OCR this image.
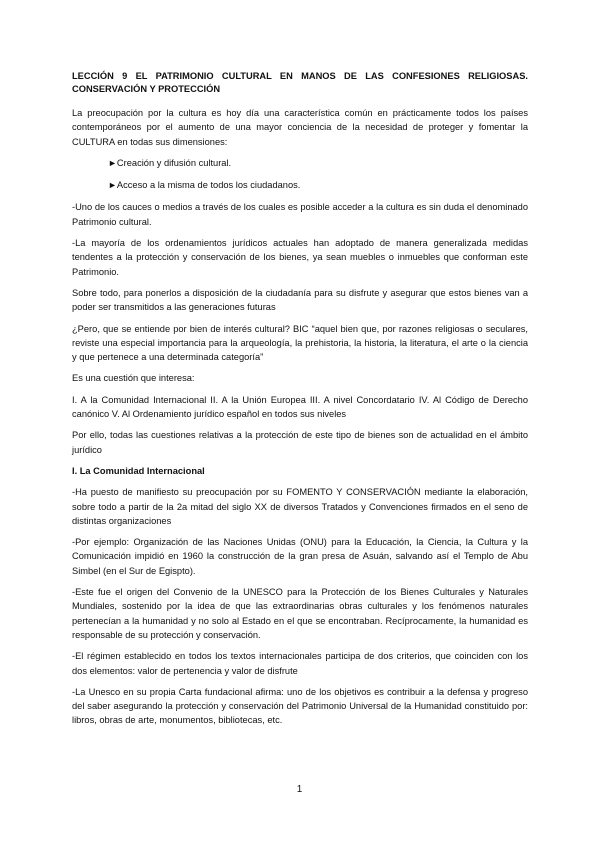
LECCIÓN 9 EL PATRIMONIO CULTURAL EN MANOS DE LAS CONFESIONES RELIGIOSAS. CONSERVACIÓN Y PROTECCIÓN

La preocupación por la cultura es hoy día una característica común en prácticamente todos los países contemporáneos por el aumento de una mayor conciencia de la necesidad de proteger y fomentar la CULTURA en todas sus dimensiones:

►Creación y difusión cultural.
►Acceso a la misma de todos los ciudadanos.

-Uno de los cauces o medios a través de los cuales es posible acceder a la cultura es sin duda el denominado Patrimonio cultural.

-La mayoría de los ordenamientos jurídicos actuales han adoptado de manera generalizada medidas tendentes a la protección y conservación de los bienes, ya sean muebles o inmuebles que conforman este Patrimonio.

Sobre todo, para ponerlos a disposición de la ciudadanía para su disfrute y asegurar que estos bienes van a poder ser transmitidos a las generaciones futuras

¿Pero, que se entiende por bien de interés cultural? BIC “aquel bien que, por razones religiosas o seculares, reviste una especial importancia para la arqueología, la prehistoria, la historia, la literatura, el arte o la ciencia y que pertenece a una determinada categoría”

Es una cuestión que interesa:

I. A la Comunidad Internacional II. A la Unión Europea III. A nivel Concordatario IV. Al Código de Derecho canónico V. Al Ordenamiento jurídico español en todos sus niveles

Por ello, todas las cuestiones relativas a la protección de este tipo de bienes son de actualidad en el ámbito jurídico

I. La Comunidad Internacional

-Ha puesto de manifiesto su preocupación por su FOMENTO Y CONSERVACIÓN mediante la elaboración, sobre todo a partir de la 2a mitad del siglo XX de diversos Tratados y Convenciones firmados en el seno de distintas organizaciones

-Por ejemplo: Organización de las Naciones Unidas (ONU) para la Educación, la Ciencia, la Cultura y la Comunicación impidió en 1960 la construcción de la gran presa de Asuán, salvando así el Templo de Abu Simbel (en el Sur de Egispto).

-Este fue el origen del Convenio de la UNESCO para la Protección de los Bienes Culturales y Naturales Mundiales, sostenido por la idea de que las extraordinarias obras culturales y los fenómenos naturales pertenecían a la humanidad y no solo al Estado en el que se encontraban. Recíprocamente, la humanidad es responsable de su protección y conservación.

-El régimen establecido en todos los textos internacionales participa de dos criterios, que coinciden con los dos elementos: valor de pertenencia y valor de disfrute

-La Unesco en su propia Carta fundacional afirma: uno de los objetivos es contribuir a la defensa y progreso del saber asegurando la protección y conservación del Patrimonio Universal de la Humanidad constituido por: libros, obras de arte, monumentos, bibliotecas, etc.

1
